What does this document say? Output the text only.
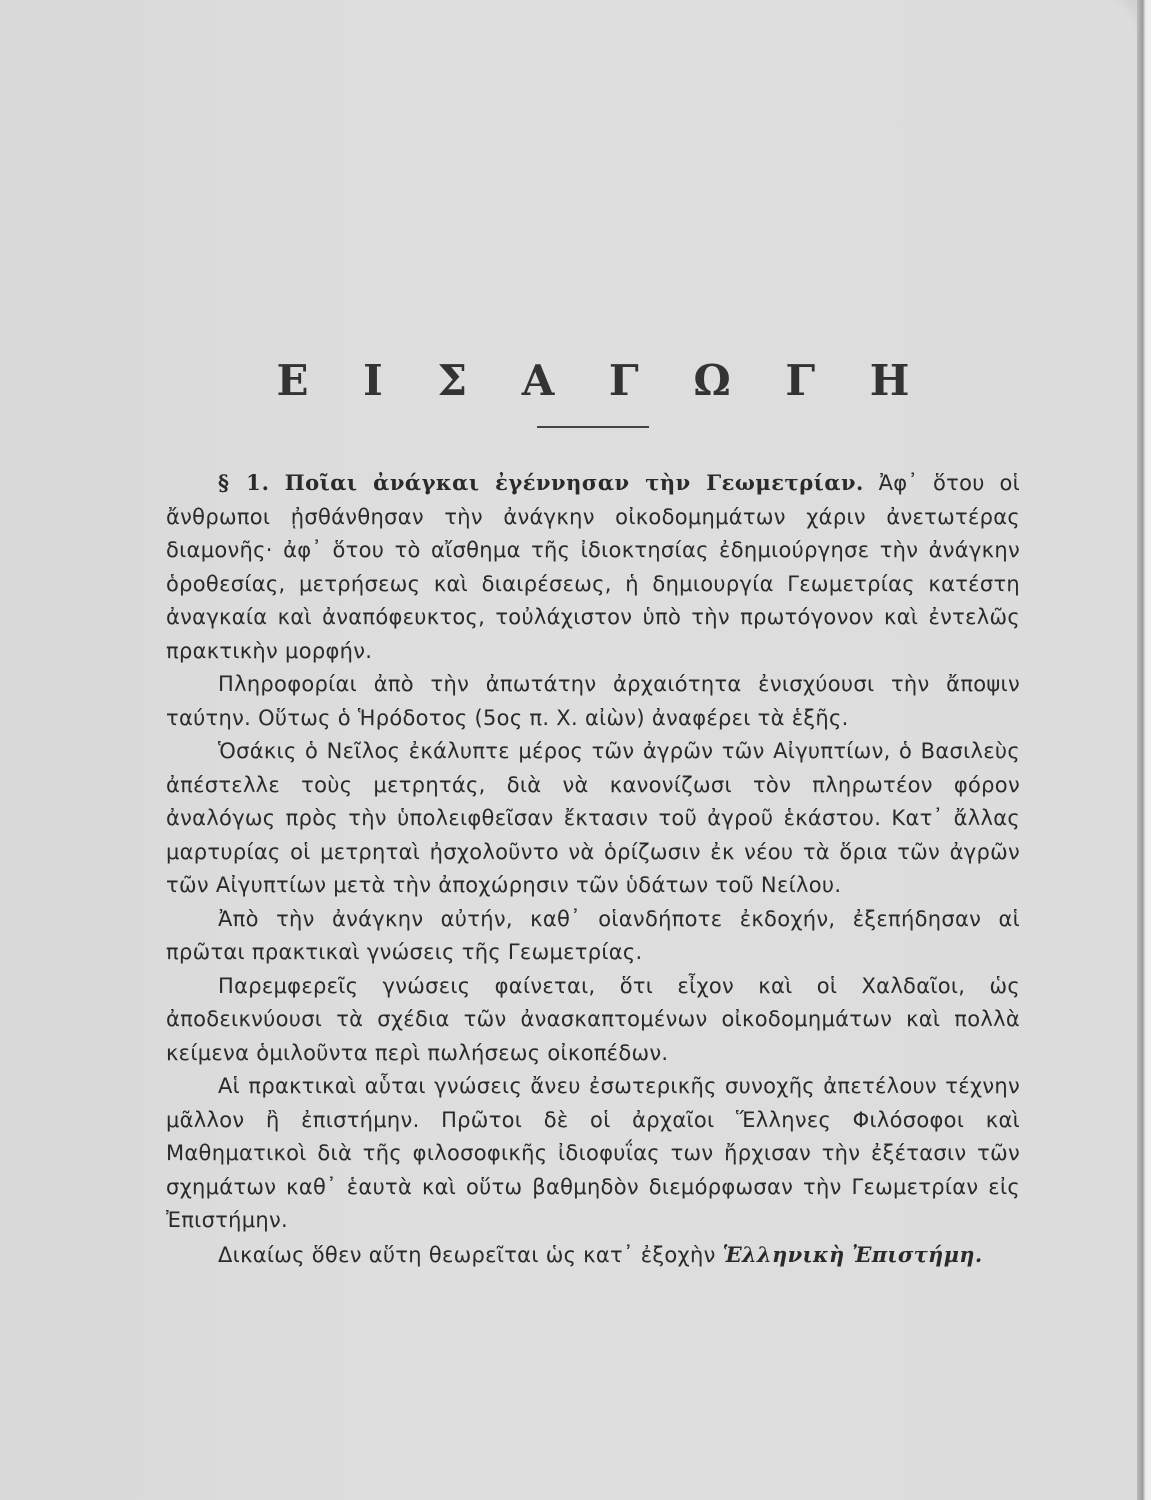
Ε Ι Σ Α Γ Ω Γ Η

§ 1. Ποῖαι ἀνάγκαι ἐγέννησαν τὴν Γεωμετρίαν. Ἀφ᾿ ὅτου οἱ ἄνθρωποι ᾐσθάνθησαν τὴν ἀνάγκην οἰκοδομημάτων χάριν ἀνετωτέρας διαμονῆς· ἀφ᾿ ὅτου τὸ αἴσθημα τῆς ἰδιοκτησίας ἐδημιούργησε τὴν ἀνάγκην ὁροθεσίας, μετρήσεως καὶ διαιρέσεως, ἡ δημιουργία Γεωμετρίας κατέστη ἀναγκαία καὶ ἀναπόφευκτος, τοὐλάχιστον ὑπὸ τὴν πρωτόγονον καὶ ἐντελῶς πρακτικὴν μορφήν.

Πληροφορίαι ἀπὸ τὴν ἀπωτάτην ἀρχαιότητα ἐνισχύουσι τὴν ἄποψιν ταύτην. Οὕτως ὁ Ἡρόδοτος (5ος π. Χ. αἰὼν) ἀναφέρει τὰ ἑξῆς.

Ὁσάκις ὁ Νεῖλος ἐκάλυπτε μέρος τῶν ἀγρῶν τῶν Αἰγυπτίων, ὁ Βασιλεὺς ἀπέστελλε τοὺς μετρητάς, διὰ νὰ κανονίζωσι τὸν πληρωτέον φόρον ἀναλόγως πρὸς τὴν ὑπολειφθεῖσαν ἔκτασιν τοῦ ἀγροῦ ἑκάστου. Κατ᾿ ἄλλας μαρτυρίας οἱ μετρηταὶ ἠσχολοῦντο νὰ ὁρίζωσιν ἐκ νέου τὰ ὅρια τῶν ἀγρῶν τῶν Αἰγυπτίων μετὰ τὴν ἀποχώρησιν τῶν ὑδάτων τοῦ Νείλου.

Ἀπὸ τὴν ἀνάγκην αὐτήν, καθ᾿ οἱανδήποτε ἐκδοχήν, ἐξεπήδησαν αἱ πρῶται πρακτικαὶ γνώσεις τῆς Γεωμετρίας.

Παρεμφερεῖς γνώσεις φαίνεται, ὅτι εἶχον καὶ οἱ Χαλδαῖοι, ὡς ἀποδεικνύουσι τὰ σχέδια τῶν ἀνασκαπτομένων οἰκοδομημάτων καὶ πολλὰ κείμενα ὁμιλοῦντα περὶ πωλήσεως οἰκοπέδων.

Αἱ πρακτικαὶ αὗται γνώσεις ἄνευ ἐσωτερικῆς συνοχῆς ἀπετέλουν τέχνην μᾶλλον ἢ ἐπιστήμην. Πρῶτοι δὲ οἱ ἀρχαῖοι Ἕλληνες Φιλόσοφοι καὶ Μαθηματικοὶ διὰ τῆς φιλοσοφικῆς ἰδιοφυΐας των ἤρχισαν τὴν ἐξέτασιν τῶν σχημάτων καθ᾿ ἑαυτὰ καὶ οὕτω βαθμηδὸν διεμόρφωσαν τὴν Γεωμετρίαν εἰς Ἐπιστήμην.

Δικαίως ὅθεν αὕτη θεωρεῖται ὡς κατ᾿ ἐξοχὴν Ἑλληνικὴ Ἐπιστήμη.
